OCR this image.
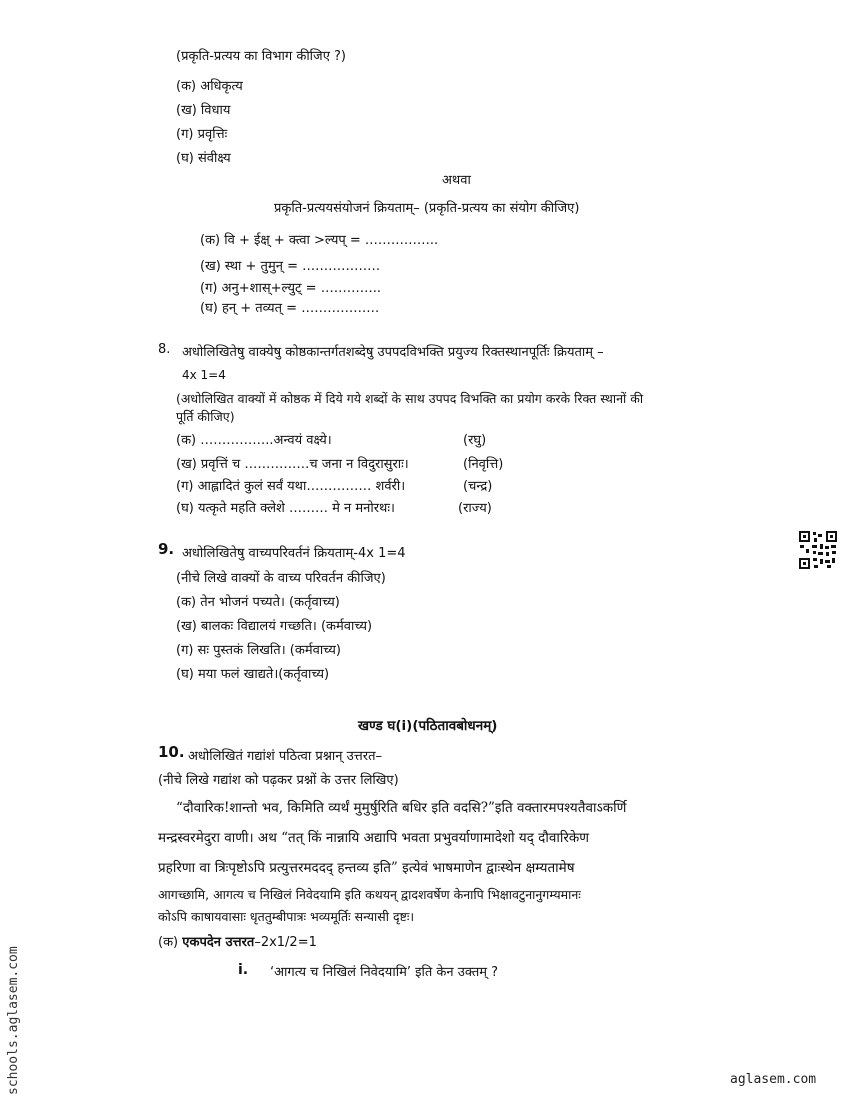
(प्रकृति-प्रत्यय का विभाग कीजिए ?)
(क) अधिकृत्य
(ख) विधाय
(ग) प्रवृत्तिः
(घ) संवीक्ष्य
अथवा
प्रकृति-प्रत्ययसंयोजनं क्रियताम्– (प्रकृति-प्रत्यय का संयोग कीजिए)
(क) वि + ईक्ष् + क्त्वा >ल्यप् = ……………..
(ख) स्था + तुमुन् = ………………
(ग) अनु+शास्+ल्युट् = …………..
(घ) हन् + तव्यत् = ………………
8. अधोलिखितेषु वाक्येषु कोष्ठकान्तर्गतशब्देषु उपपदविभक्ति प्रयुज्य रिक्तस्थानपूर्तिः क्रियताम् –
4x 1=4
(अधोलिखित वाक्यों में कोष्ठक में दिये गये शब्दों के साथ उपपद विभक्ति का प्रयोग करके रिक्त स्थानों की
पूर्ति कीजिए)
(क) ……………..अन्वयं वक्ष्ये।	(रघु)
(ख) प्रवृत्तिं च ……………च जना न विदुरासुराः।	(निवृत्ति)
(ग) आह्लादितं कुलं सर्वं यथा…………… शर्वरी।	(चन्द्र)
(घ) यत्कृते महति क्लेशे ……… मे न मनोरथः।	(राज्य)
9. अधोलिखितेषु वाच्यपरिवर्तनं क्रियताम्-4x 1=4
(नीचे लिखे वाक्यों के वाच्य परिवर्तन कीजिए)
(क) तेन भोजनं पच्यते। (कर्तृवाच्य)
(ख) बालकः विद्यालयं गच्छति। (कर्मवाच्य)
(ग) सः पुस्तकं लिखति। (कर्मवाच्य)
(घ) मया फलं खाद्यते।(कर्तृवाच्य)
खण्ड घ(i)(पठितावबोधनम्)
10. अधोलिखितं गद्यांशं पठित्वा प्रश्नान् उत्तरत–
(नीचे लिखे गद्यांश को पढ़कर प्रश्नों के उत्तर लिखिए)
“दौवारिक!शान्तो भव, किमिति व्यर्थं मुमुर्षुरिति बधिर इति वदसि?”इति वक्तारमपश्यतैवाऽकर्णि
मन्द्रस्वरमेदुरा वाणी। अथ “तत् किं नान्नायि अद्यापि भवता प्रभुवर्याणामादेशो यद् दौवारिकेण
प्रहरिणा वा त्रिःपृष्टोऽपि प्रत्युत्तरमददद् हन्तव्य इति” इत्येवं भाषमाणेन द्वाःस्थेन क्षम्यतामेष
आगच्छामि, आगत्य च निखिलं निवेदयामि इति कथयन् द्वादशवर्षेण केनापि भिक्षावटुनानुगम्यमानः
कोऽपि काषायवासाः धृततुम्बीपात्रः भव्यमूर्तिः सन्यासी दृष्टः।
(क) एकपदेन उत्तरत–2x1/2=1
i. ‘आगत्य च निखिलं निवेदयामि’ इति केन उक्तम् ?
schools.aglasem.com	aglasem.com
